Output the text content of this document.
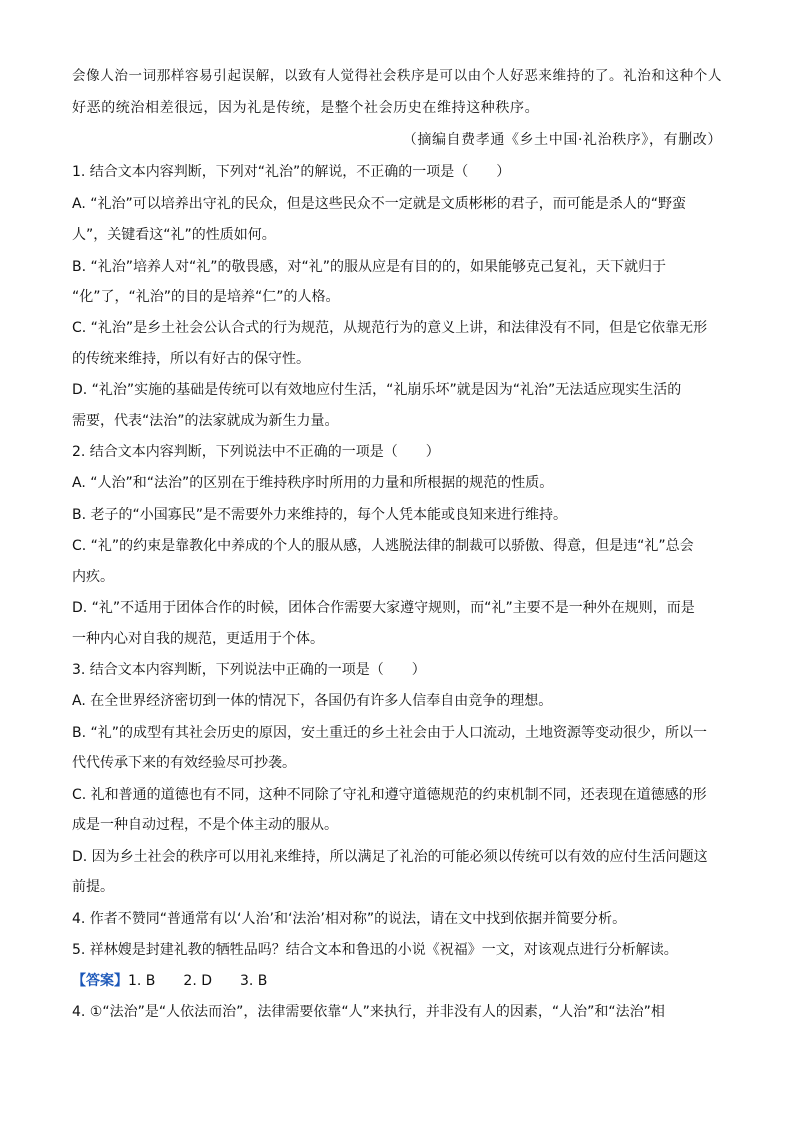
会像人治一词那样容易引起误解，以致有人觉得社会秩序是可以由个人好恶来维持的了。礼治和这种个人
好恶的统治相差很远，因为礼是传统，是整个社会历史在维持这种秩序。
（摘编自费孝通《乡土中国·礼治秩序》，有删改）
1. 结合文本内容判断，下列对“礼治”的解说，不正确的一项是（　　）
A. “礼治”可以培养出守礼的民众，但是这些民众不一定就是文质彬彬的君子，而可能是杀人的“野蛮
人”，关键看这“礼”的性质如何。
B. “礼治”培养人对“礼”的敬畏感，对“礼”的服从应是有目的的，如果能够克己复礼，天下就归于
“化”了，“礼治”的目的是培养“仁”的人格。
C. “礼治”是乡土社会公认合式的行为规范，从规范行为的意义上讲，和法律没有不同，但是它依靠无形
的传统来维持，所以有好古的保守性。
D. “礼治”实施的基础是传统可以有效地应付生活，“礼崩乐坏”就是因为“礼治”无法适应现实生活的
需要，代表“法治”的法家就成为新生力量。
2. 结合文本内容判断，下列说法中不正确的一项是（　　）
A. “人治”和“法治”的区别在于维持秩序时所用的力量和所根据的规范的性质。
B. 老子的“小国寡民”是不需要外力来维持的，每个人凭本能或良知来进行维持。
C. “礼”的约束是靠教化中养成的个人的服从感，人逃脱法律的制裁可以骄傲、得意，但是违“礼”总会
内疚。
D. “礼”不适用于团体合作的时候，团体合作需要大家遵守规则，而“礼”主要不是一种外在规则，而是
一种内心对自我的规范，更适用于个体。
3. 结合文本内容判断，下列说法中正确的一项是（　　）
A. 在全世界经济密切到一体的情况下，各国仍有许多人信奉自由竞争的理想。
B. “礼”的成型有其社会历史的原因，安土重迁的乡土社会由于人口流动，土地资源等变动很少，所以一
代代传承下来的有效经验尽可抄袭。
C. 礼和普通的道德也有不同，这种不同除了守礼和遵守道德规范的约束机制不同，还表现在道德感的形
成是一种自动过程，不是个体主动的服从。
D. 因为乡土社会的秩序可以用礼来维持，所以满足了礼治的可能必须以传统可以有效的应付生活问题这
前提。
4. 作者不赞同“普通常有以‘人治’和‘法治’相对称”的说法，请在文中找到依据并简要分析。
5. 祥林嫂是封建礼教的牺牲品吗？结合文本和鲁迅的小说《祝福》一文，对该观点进行分析解读。
【答案】1. B　　2. D　　3. B
4. ①“法治”是“人依法而治”，法律需要依靠“人”来执行，并非没有人的因素，“人治”和“法治”相
